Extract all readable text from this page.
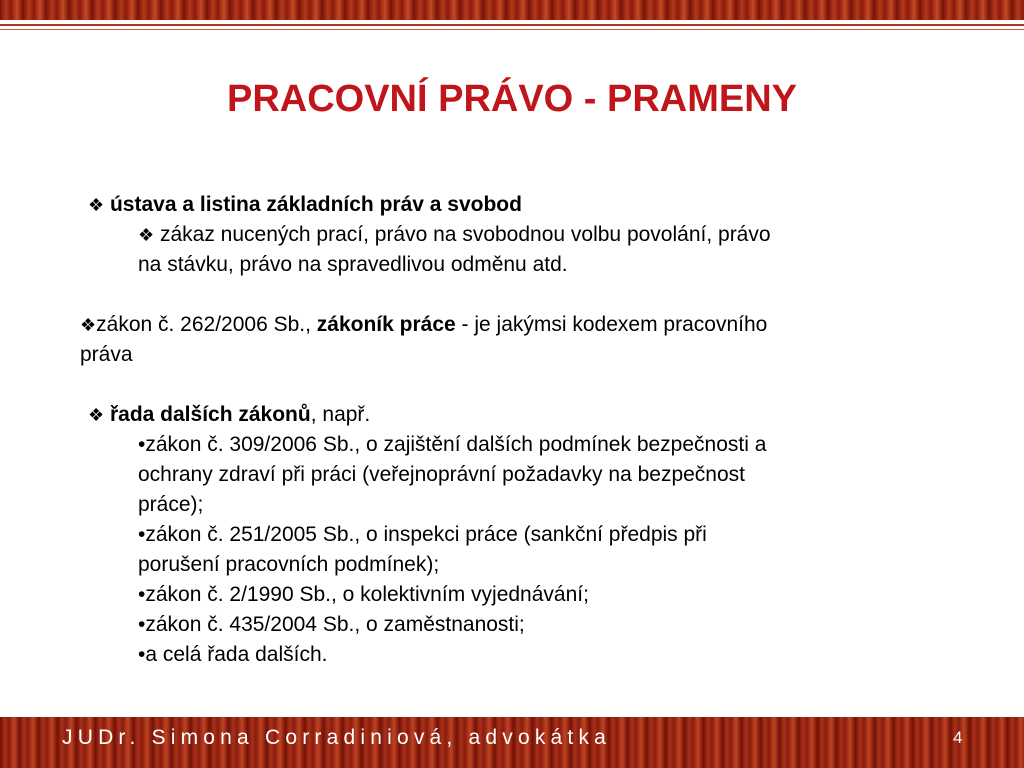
PRACOVNÍ PRÁVO - PRAMENY
❖ ústava a listina základních práv a svobod
❖ zákaz nucených prací, právo na svobodnou volbu povolání, právo
na stávku, právo na spravedlivou odměnu atd.
❖zákon č. 262/2006 Sb., zákoník práce - je jakýmsi kodexem pracovního
práva
❖ řada dalších zákonů, např.
•zákon č. 309/2006 Sb., o zajištění dalších podmínek bezpečnosti a
ochrany zdraví při práci (veřejnoprávní požadavky na bezpečnost
práce);
•zákon č. 251/2005 Sb., o inspekci práce (sankční předpis při
porušení pracovních podmínek);
•zákon č. 2/1990 Sb., o kolektivním vyjednávání;
•zákon č. 435/2004 Sb., o zaměstnanosti;
•a celá řada dalších.
JUDr. Simona Corradiniová, advokátka	4
